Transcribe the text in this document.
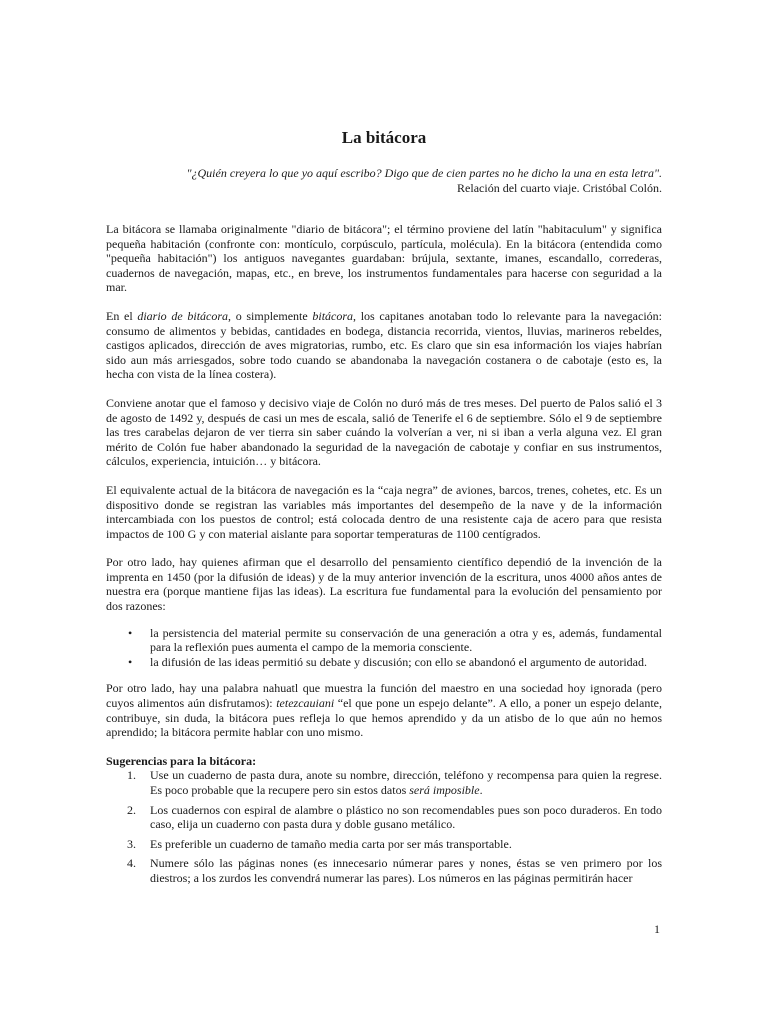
La bitácora
"¿Quién creyera lo que yo aquí escribo? Digo que de cien partes no he dicho la una en esta letra".
Relación del cuarto viaje. Cristóbal Colón.

La bitácora se llamaba originalmente "diario de bitácora"; el término proviene del latín "habitaculum" y significa pequeña habitación (confronte con: montículo, corpúsculo, partícula, molécula). En la bitácora (entendida como "pequeña habitación") los antiguos navegantes guardaban: brújula, sextante, imanes, escandallo, correderas, cuadernos de navegación, mapas, etc., en breve, los instrumentos fundamentales para hacerse con seguridad a la mar.

En el diario de bitácora, o simplemente bitácora, los capitanes anotaban todo lo relevante para la navegación: consumo de alimentos y bebidas, cantidades en bodega, distancia recorrida, vientos, lluvias, marineros rebeldes, castigos aplicados, dirección de aves migratorias, rumbo, etc. Es claro que sin esa información los viajes habrían sido aun más arriesgados, sobre todo cuando se abandonaba la navegación costanera o de cabotaje (esto es, la hecha con vista de la línea costera).

Conviene anotar que el famoso y decisivo viaje de Colón no duró más de tres meses. Del puerto de Palos salió el 3 de agosto de 1492 y, después de casi un mes de escala, salió de Tenerife el 6 de septiembre. Sólo el 9 de septiembre las tres carabelas dejaron de ver tierra sin saber cuándo la volverían a ver, ni si iban a verla alguna vez. El gran mérito de Colón fue haber abandonado la seguridad de la navegación de cabotaje y confiar en sus instrumentos, cálculos, experiencia, intuición… y bitácora.

El equivalente actual de la bitácora de navegación es la “caja negra” de aviones, barcos, trenes, cohetes, etc. Es un dispositivo donde se registran las variables más importantes del desempeño de la nave y de la información intercambiada con los puestos de control; está colocada dentro de una resistente caja de acero para que resista impactos de 100 G y con material aislante para soportar temperaturas de 1100 centígrados.

Por otro lado, hay quienes afirman que el desarrollo del pensamiento científico dependió de la invención de la imprenta en 1450 (por la difusión de ideas) y de la muy anterior invención de la escritura, unos 4000 años antes de nuestra era (porque mantiene fijas las ideas). La escritura fue fundamental para la evolución del pensamiento por dos razones:

• la persistencia del material permite su conservación de una generación a otra y es, además, fundamental para la reflexión pues aumenta el campo de la memoria consciente.
• la difusión de las ideas permitió su debate y discusión; con ello se abandonó el argumento de autoridad.

Por otro lado, hay una palabra nahuatl que muestra la función del maestro en una sociedad hoy ignorada (pero cuyos alimentos aún disfrutamos): tetezcauiani “el que pone un espejo delante”. A ello, a poner un espejo delante, contribuye, sin duda, la bitácora pues refleja lo que hemos aprendido y da un atisbo de lo que aún no hemos aprendido; la bitácora permite hablar con uno mismo.

Sugerencias para la bitácora:
1. Use un cuaderno de pasta dura, anote su nombre, dirección, teléfono y recompensa para quien la regrese. Es poco probable que la recupere pero sin estos datos será imposible.
2. Los cuadernos con espiral de alambre o plástico no son recomendables pues son poco duraderos. En todo caso, elija un cuaderno con pasta dura y doble gusano metálico.
3. Es preferible un cuaderno de tamaño media carta por ser más transportable.
4. Numere sólo las páginas nones (es innecesario númerar pares y nones, éstas se ven primero por los diestros; a los zurdos les convendrá numerar las pares). Los números en las páginas permitirán hacer
1
